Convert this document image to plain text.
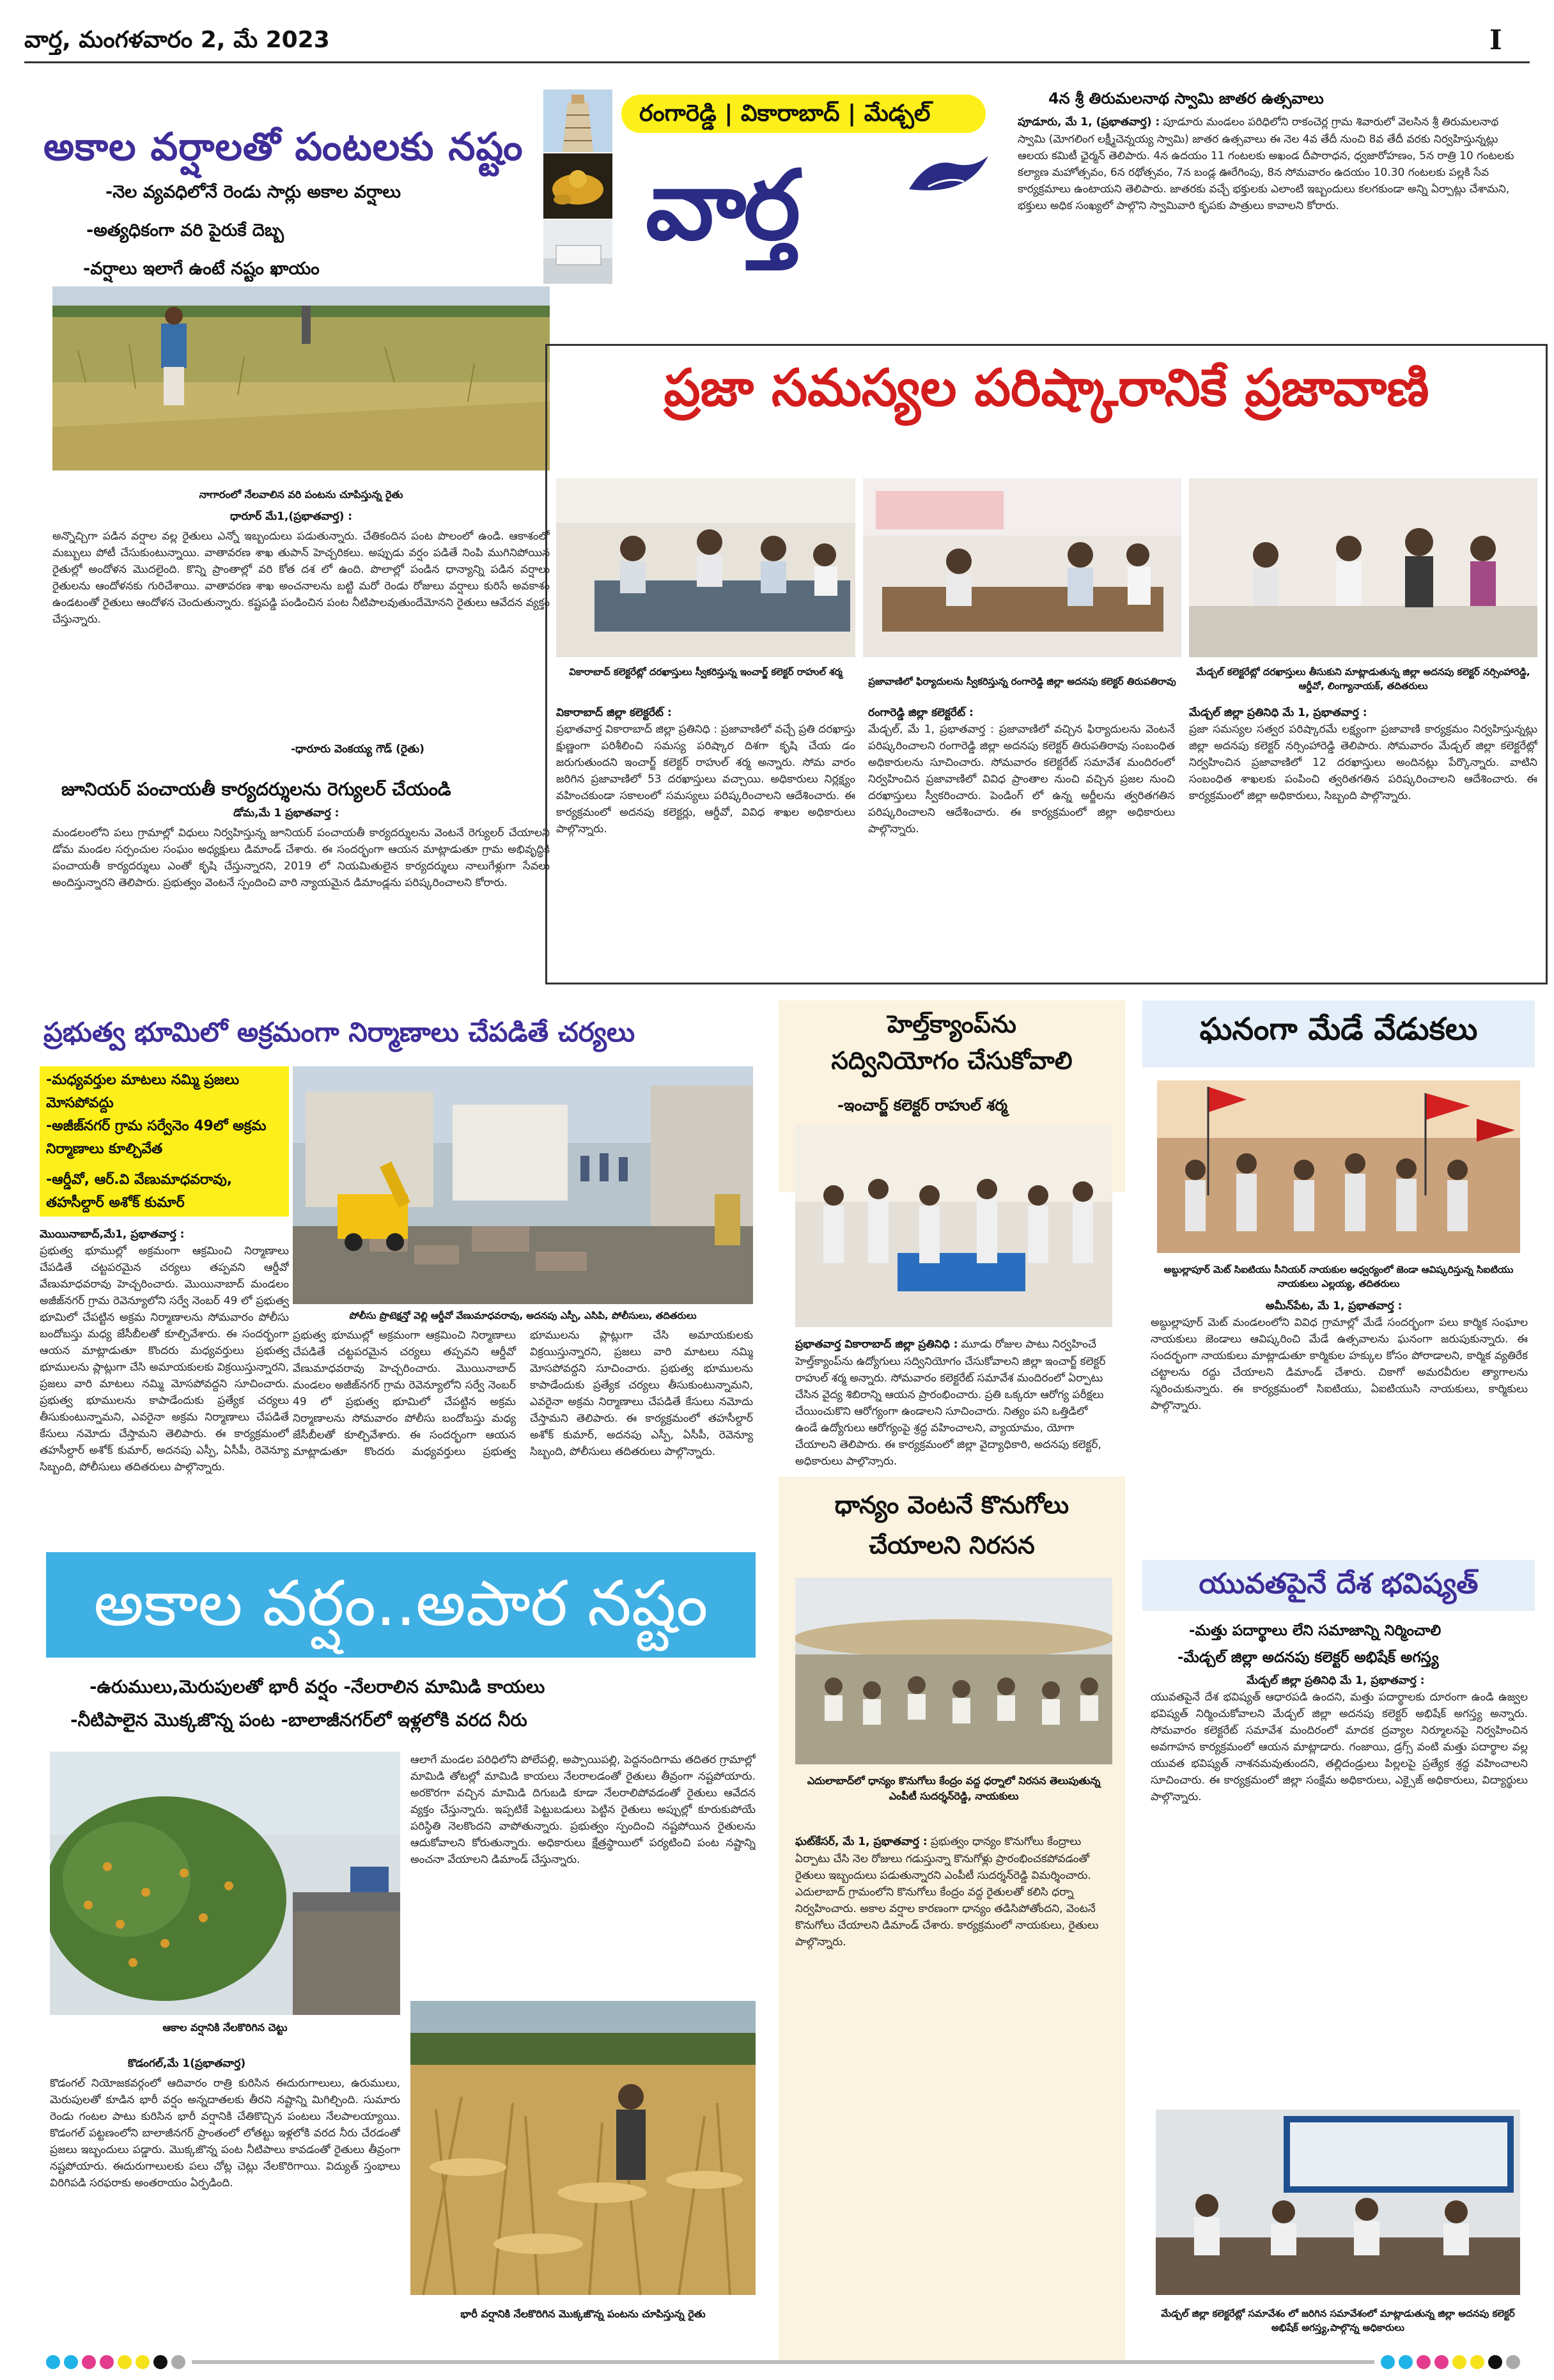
వార్త, మంగళవారం 2, మే 2023	I
అకాల వర్షాలతో పంటలకు నష్టం
-నెల వ్యవధిలోనే రెండు సార్లు అకాల వర్షాలు
-అత్యధికంగా వరి పైరుకే దెబ్బ
-వర్షాలు ఇలాగే ఉంటే నష్టం ఖాయం
నాగారంలో నేలవాలిన వరి పంటను చూపిస్తున్న రైతు
ధారూర్ మే1,(ప్రభాతవార్త) :
అన్నొచ్చిగా పడిన వర్షాల వల్ల రైతులు ఎన్నో ఇబ్బందులు పడుతున్నారు. చేతికందిన పంట పొలంలో ఉండి. ఆకాశంలో మబ్బులు పోటీ చేసుకుంటున్నాయి. వాతావరణ శాఖ తుపాన్ హెచ్చరికలు. అప్పుడు వర్షం పడితే నింపి ముగినిపోయిన రైతుల్లో అందోళన మొదలైంది. కొన్ని ప్రాంతాల్లో వరి కోత దశ లో ఉంది. పొలాల్లో పండిన ధాన్యాన్ని పడిన వర్షాలు రైతులను ఆందోళనకు గురిచేశాయి. వాతావరణ శాఖ అంచనాలను బట్టి మరో రెండు రోజులు వర్షాలు కురిసే అవకాశం ఉండటంతో రైతులు ఆందోళన చెందుతున్నారు. కష్టపడ్డి పండించిన పంట నీటిపాలవుతుందేమోనని రైతులు ఆవేదన వ్యక్తం చేస్తున్నారు.
-ధారూరు వెంకయ్య గౌడ్ (రైతు)
జూనియర్ పంచాయతీ కార్యదర్శులను రెగ్యులర్ చేయండి
డోమ,మే 1 ప్రభాతవార్త :
మండలంలోని పలు గ్రామాల్లో విధులు నిర్వహిస్తున్న జూనియర్ పంచాయతీ కార్యదర్శులను వెంటనే రెగ్యులర్ చేయాలని డోమ మండల సర్పంచుల సంఘం అధ్యక్షులు డిమాండ్ చేశారు. ఈ సందర్భంగా ఆయన మాట్లాడుతూ గ్రామ అభివృద్ధికి పంచాయతీ కార్యదర్శులు ఎంతో కృషి చేస్తున్నారని, 2019 లో నియమితులైన కార్యదర్శులు నాలుగేళ్లుగా సేవలు అందిస్తున్నారని తెలిపారు. ప్రభుత్వం వెంటనే స్పందించి వారి న్యాయమైన డిమాండ్లను పరిష్కరించాలని కోరారు.
రంగారెడ్డి | వికారాబాద్ | మేడ్చల్
వార్త
4న శ్రీ తిరుమలనాథ స్వామి జాతర ఉత్సవాలు
పూడూరు, మే 1, (ప్రభాతవార్త) : పూడూరు మండలం పరిధిలోని రాకంచెర్ల గ్రామ శివారులో వెలసిన శ్రీ తిరుమలనాథ స్వామి (మోగలింగ లక్ష్మీచెన్నయ్య స్వామి) జాతర ఉత్సవాలు ఈ నెల 4వ తేదీ నుంచి 8వ తేదీ వరకు నిర్వహిస్తున్నట్లు ఆలయ కమిటీ ఛైర్మన్ తెలిపారు. 4న ఉదయం 11 గంటలకు అఖండ దీపారాధన, ధ్వజారోహణం, 5న రాత్రి 10 గంటలకు కల్యాణ మహోత్సవం, 6న రథోత్సవం, 7న బండ్ల ఊరేగింపు, 8న సోమవారం ఉదయం 10.30 గంటలకు పల్లకి సేవ కార్యక్రమాలు ఉంటాయని తెలిపారు. జాతరకు వచ్చే భక్తులకు ఎలాంటి ఇబ్బందులు కలగకుండా అన్ని ఏర్పాట్లు చేశామని, భక్తులు అధిక సంఖ్యలో పాల్గొని స్వామివారి కృపకు పాత్రులు కావాలని కోరారు.
ప్రజా సమస్యల పరిష్కారానికే ప్రజావాణి
వికారాబాద్ కలెక్టరేట్లో దరఖాస్తులు స్వీకరిస్తున్న ఇంచార్జ్ కలెక్టర్ రాహుల్ శర్మ
ప్రజావాణిలో ఫిర్యాదులను స్వీకరిస్తున్న రంగారెడ్డి జిల్లా అదనపు కలెక్టర్ తిరుపతిరావు
మేడ్చల్ కలెక్టరేట్లో దరఖాస్తులు తీసుకుని మాట్లాడుతున్న జిల్లా అదనపు కలెక్టర్ నర్సింహారెడ్డి, ఆర్డీవో, లింగ్యానాయక్, తదితరులు
వికారాబాద్ జిల్లా కలెక్టరేట్ :
ప్రభాతవార్త వికారాబాద్ జిల్లా ప్రతినిధి : ప్రజావాణిలో వచ్చే ప్రతి దరఖాస్తు క్షుణ్ణంగా పరిశీలించి సమస్య పరిష్కార దిశగా కృషి చేయ డం జరుగుతుందని ఇంచార్జ్ కలెక్టర్ రాహుల్ శర్మ అన్నారు. సోమ వారం జరిగిన ప్రజావాణిలో 53 దరఖాస్తులు వచ్చాయి. అధికారులు నిర్లక్ష్యం వహించకుండా సకాలంలో సమస్యలు పరిష్కరించాలని ఆదేశించారు. ఈ కార్యక్రమంలో అదనపు కలెక్టర్లు, ఆర్డీవో, వివిధ శాఖల అధికారులు పాల్గొన్నారు.
రంగారెడ్డి జిల్లా కలెక్టరేట్ :
మేడ్చల్, మే 1, ప్రభాతవార్త : ప్రజావాణిలో వచ్చిన ఫిర్యాదులను వెంటనే పరిష్కరించాలని రంగారెడ్డి జిల్లా అదనపు కలెక్టర్ తిరుపతిరావు సంబంధిత అధికారులను సూచించారు. సోమవారం కలెక్టరేట్ సమావేశ మందిరంలో నిర్వహించిన ప్రజావాణిలో వివిధ ప్రాంతాల నుంచి వచ్చిన ప్రజల నుంచి దరఖాస్తులు స్వీకరించారు. పెండింగ్ లో ఉన్న అర్జీలను త్వరితగతిన పరిష్కరించాలని ఆదేశించారు. ఈ కార్యక్రమంలో జిల్లా అధికారులు పాల్గొన్నారు.
మేడ్చల్ జిల్లా ప్రతినిధి మే 1, ప్రభాతవార్త :
ప్రజా సమస్యల సత్వర పరిష్కారమే లక్ష్యంగా ప్రజావాణి కార్యక్రమం నిర్వహిస్తున్నట్లు జిల్లా అదనపు కలెక్టర్ నర్సింహారెడ్డి తెలిపారు. సోమవారం మేడ్చల్ జిల్లా కలెక్టరేట్లో నిర్వహించిన ప్రజావాణిలో 12 దరఖాస్తులు అందినట్లు పేర్కొన్నారు. వాటిని సంబంధిత శాఖలకు పంపించి త్వరితగతిన పరిష్కరించాలని ఆదేశించారు. ఈ కార్యక్రమంలో జిల్లా అధికారులు, సిబ్బంది పాల్గొన్నారు.
ప్రభుత్వ భూమిలో అక్రమంగా నిర్మాణాలు చేపడితే చర్యలు
-మధ్యవర్తుల మాటలు నమ్మి ప్రజలు మోసపోవద్దు
-అజీజ్‌నగర్ గ్రామ సర్వేనెం 49లో అక్రమ నిర్మాణాలు కూల్చివేత
-ఆర్డీవో, ఆర్.వి వేణుమాధవరావు, తహసీల్దార్ అశోక్ కుమార్
పోలీసు ప్రొటెక్షన్తో వెల్లి ఆర్డీవో వేణుమాధవరావు, అదనపు ఎస్పీ, ఎసిపి, పోలీసులు, తదితరులు
మొయినాబాద్,మే1, ప్రభాతవార్త :
ప్రభుత్వ భూముల్లో అక్రమంగా ఆక్రమించి నిర్మాణాలు చేపడితే చట్టపరమైన చర్యలు తప్పవని ఆర్డీవో వేణుమాధవరావు హెచ్చరించారు. మొయినాబాద్ మండలం అజీజ్‌నగర్ గ్రామ రెవెన్యూలోని సర్వే నెంబర్ 49 లో ప్రభుత్వ భూమిలో చేపట్టిన అక్రమ నిర్మాణాలను సోమవారం పోలీసు బందోబస్తు మధ్య జేసీబీలతో కూల్చివేశారు. ఈ సందర్భంగా ఆయన మాట్లాడుతూ కొందరు మధ్యవర్తులు ప్రభుత్వ భూములను ప్లాట్లుగా చేసి అమాయకులకు విక్రయిస్తున్నారని, ప్రజలు వారి మాటలు నమ్మి మోసపోవద్దని సూచించారు. ప్రభుత్వ భూములను కాపాడేందుకు ప్రత్యేక చర్యలు తీసుకుంటున్నామని, ఎవరైనా అక్రమ నిర్మాణాలు చేపడితే కేసులు నమోదు చేస్తామని తెలిపారు. ఈ కార్యక్రమంలో తహసీల్దార్ అశోక్ కుమార్, అదనపు ఎస్పీ, ఏసీపీ, రెవెన్యూ సిబ్బంది, పోలీసులు తదితరులు పాల్గొన్నారు.
ప్రభుత్వ భూముల్లో అక్రమంగా ఆక్రమించి నిర్మాణాలు చేపడితే చట్టపరమైన చర్యలు తప్పవని ఆర్డీవో వేణుమాధవరావు హెచ్చరించారు. మొయినాబాద్ మండలం అజీజ్‌నగర్ గ్రామ రెవెన్యూలోని సర్వే నెంబర్ 49 లో ప్రభుత్వ భూమిలో చేపట్టిన అక్రమ నిర్మాణాలను సోమవారం పోలీసు బందోబస్తు మధ్య జేసీబీలతో కూల్చివేశారు. ఈ సందర్భంగా ఆయన మాట్లాడుతూ కొందరు మధ్యవర్తులు ప్రభుత్వ భూములను ప్లాట్లుగా చేసి అమాయకులకు విక్రయిస్తున్నారని, ప్రజలు వారి మాటలు నమ్మి మోసపోవద్దని సూచించారు. ప్రభుత్వ భూములను కాపాడేందుకు ప్రత్యేక చర్యలు తీసుకుంటున్నామని, ఎవరైనా అక్రమ నిర్మాణాలు చేపడితే కేసులు నమోదు చేస్తామని తెలిపారు. ఈ కార్యక్రమంలో తహసీల్దార్ అశోక్ కుమార్, అదనపు ఎస్పీ, ఏసీపీ, రెవెన్యూ సిబ్బంది, పోలీసులు తదితరులు పాల్గొన్నారు.
హెల్త్‌క్యాంప్‌ను
సద్వినియోగం చేసుకోవాలి
-ఇంచార్జ్ కలెక్టర్ రాహుల్ శర్మ
ప్రభాతవార్త వికారాబాద్ జిల్లా ప్రతినిధి : మూడు రోజుల పాటు నిర్వహించే హెల్త్‌క్యాంప్‌ను ఉద్యోగులు సద్వినియోగం చేసుకోవాలని జిల్లా ఇంచార్జ్ కలెక్టర్ రాహుల్ శర్మ అన్నారు. సోమవారం కలెక్టరేట్ సమావేశ మందిరంలో ఏర్పాటు చేసిన వైద్య శిబిరాన్ని ఆయన ప్రారంభించారు. ప్రతి ఒక్కరూ ఆరోగ్య పరీక్షలు చేయించుకొని ఆరోగ్యంగా ఉండాలని సూచించారు. నిత్యం పని ఒత్తిడిలో ఉండే ఉద్యోగులు ఆరోగ్యంపై శ్రద్ధ వహించాలని, వ్యాయామం, యోగా చేయాలని తెలిపారు. ఈ కార్యక్రమంలో జిల్లా వైద్యాధికారి, అదనపు కలెక్టర్, అధికారులు పాల్గొన్నారు.
ధాన్యం వెంటనే కొనుగోలు
చేయాలని నిరసన
ఎదులాబాద్‌లో ధాన్యం కొనుగోలు కేంద్రం వద్ద ధర్నాలో నిరసన తెలుపుతున్న ఎంపీటీ సుదర్శన్‌రెడ్డి, నాయకులు
ఘట్‌కేసర్, మే 1, ప్రభాతవార్త : ప్రభుత్వం ధాన్యం కొనుగోలు కేంద్రాలు ఏర్పాటు చేసి నెల రోజులు గడుస్తున్నా కొనుగోళ్లు ప్రారంభించకపోవడంతో రైతులు ఇబ్బందులు పడుతున్నారని ఎంపీటీ సుదర్శన్‌రెడ్డి విమర్శించారు. ఎదులాబాద్ గ్రామంలోని కొనుగోలు కేంద్రం వద్ద రైతులతో కలిసి ధర్నా నిర్వహించారు. అకాల వర్షాల కారణంగా ధాన్యం తడిసిపోతోందని, వెంటనే కొనుగోలు చేయాలని డిమాండ్ చేశారు. కార్యక్రమంలో నాయకులు, రైతులు పాల్గొన్నారు.
ఘనంగా మేడే వేడుకలు
అబ్దుల్లాపూర్ మెట్ సిఐటియు సీనియర్ నాయకుల ఆధ్వర్యంలో జెండా ఆవిష్కరిస్తున్న సిఐటియు నాయకులు ఎల్లయ్య, తదితరులు
అమీన్‌పేట, మే 1, ప్రభాతవార్త :
అబ్దుల్లాపూర్ మెట్ మండలంలోని వివిధ గ్రామాల్లో మేడే సందర్భంగా పలు కార్మిక సంఘాల నాయకులు జెండాలు ఆవిష్కరించి మేడే ఉత్సవాలను ఘనంగా జరుపుకున్నారు. ఈ సందర్భంగా నాయకులు మాట్లాడుతూ కార్మికుల హక్కుల కోసం పోరాడాలని, కార్మిక వ్యతిరేక చట్టాలను రద్దు చేయాలని డిమాండ్ చేశారు. చికాగో అమరవీరుల త్యాగాలను స్మరించుకున్నారు. ఈ కార్యక్రమంలో సిఐటియు, ఏఐటియుసి నాయకులు, కార్మికులు పాల్గొన్నారు.
యువతపైనే దేశ భవిష్యత్
-మత్తు పదార్థాలు లేని సమాజాన్ని నిర్మించాలి
-మేడ్చల్ జిల్లా అదనపు కలెక్టర్ అభిషేక్ అగస్త్య
మేడ్చల్ జిల్లా ప్రతినిధి మే 1, ప్రభాతవార్త :
యువతపైనే దేశ భవిష్యత్ ఆధారపడి ఉందని, మత్తు పదార్థాలకు దూరంగా ఉండి ఉజ్వల భవిష్యత్ నిర్మించుకోవాలని మేడ్చల్ జిల్లా అదనపు కలెక్టర్ అభిషేక్ అగస్త్య అన్నారు. సోమవారం కలెక్టరేట్ సమావేశ మందిరంలో మాదక ద్రవ్యాల నిర్మూలనపై నిర్వహించిన అవగాహన కార్యక్రమంలో ఆయన మాట్లాడారు. గంజాయి, డ్రగ్స్ వంటి మత్తు పదార్థాల వల్ల యువత భవిష్యత్ నాశనమవుతుందని, తల్లిదండ్రులు పిల్లలపై ప్రత్యేక శ్రద్ధ వహించాలని సూచించారు. ఈ కార్యక్రమంలో జిల్లా సంక్షేమ అధికారులు, ఎక్సైజ్ అధికారులు, విద్యార్థులు పాల్గొన్నారు.
మేడ్చల్ జిల్లా కలెక్టరేట్లో సమావేశం లో జరిగిన సమావేశంలో మాట్లాడుతున్న జిల్లా అదనపు కలెక్టర్ అభిషేక్ అగస్త్య,పాల్గొన్న అధికారులు
అకాల వర్షం..అపార నష్టం
-ఉరుములు,మెరుపులతో భారీ వర్షం -నేలరాలిన మామిడి కాయలు
-నీటిపాలైన మొక్కజొన్న పంట -బాలాజీనగర్‌లో ఇళ్లలోకి వరద నీరు
ఆకాల వర్షానికి నేలకొరిగిన చెట్టు
కొడంగల్,మే 1(ప్రభాతవార్త)
కొడంగల్ నియోజకవర్గంలో ఆదివారం రాత్రి కురిసిన ఈదురుగాలులు, ఉరుములు, మెరుపులతో కూడిన భారీ వర్షం అన్నదాతలకు తీరని నష్టాన్ని మిగిల్చింది. సుమారు రెండు గంటల పాటు కురిసిన భారీ వర్షానికి చేతికొచ్చిన పంటలు నేలపాలయ్యాయి. కొడంగల్ పట్టణంలోని బాలాజీనగర్ ప్రాంతంలో లోతట్టు ఇళ్లలోకి వరద నీరు చేరడంతో ప్రజలు ఇబ్బందులు పడ్డారు. మొక్కజొన్న పంట నీటిపాలు కావడంతో రైతులు తీవ్రంగా నష్టపోయారు. ఈదురుగాలులకు పలు చోట్ల చెట్లు నేలకొరిగాయి. విద్యుత్ స్తంభాలు విరిగిపడి సరఫరాకు అంతరాయం ఏర్పడింది.
ఆలాగే మండల పరిధిలోని పోలేపల్లి, అప్పాయిపల్లి, పెద్దనందిగామ తదితర గ్రామాల్లో మామిడి తోటల్లో మామిడి కాయలు నేలరాలడంతో రైతులు తీవ్రంగా నష్టపోయారు. అరకొరగా వచ్చిన మామిడి దిగుబడి కూడా నేలరాలిపోవడంతో రైతులు ఆవేదన వ్యక్తం చేస్తున్నారు. ఇప్పటికే పెట్టుబడులు పెట్టిన రైతులు అప్పుల్లో కూరుకుపోయే పరిస్థితి నెలకొందని వాపోతున్నారు. ప్రభుత్వం స్పందించి నష్టపోయిన రైతులను ఆదుకోవాలని కోరుతున్నారు. అధికారులు క్షేత్రస్థాయిలో పర్యటించి పంట నష్టాన్ని అంచనా వేయాలని డిమాండ్ చేస్తున్నారు.
భారీ వర్షానికి నేలకొరిగిన మొక్కజొన్న పంటను చూపిస్తున్న రైతు
